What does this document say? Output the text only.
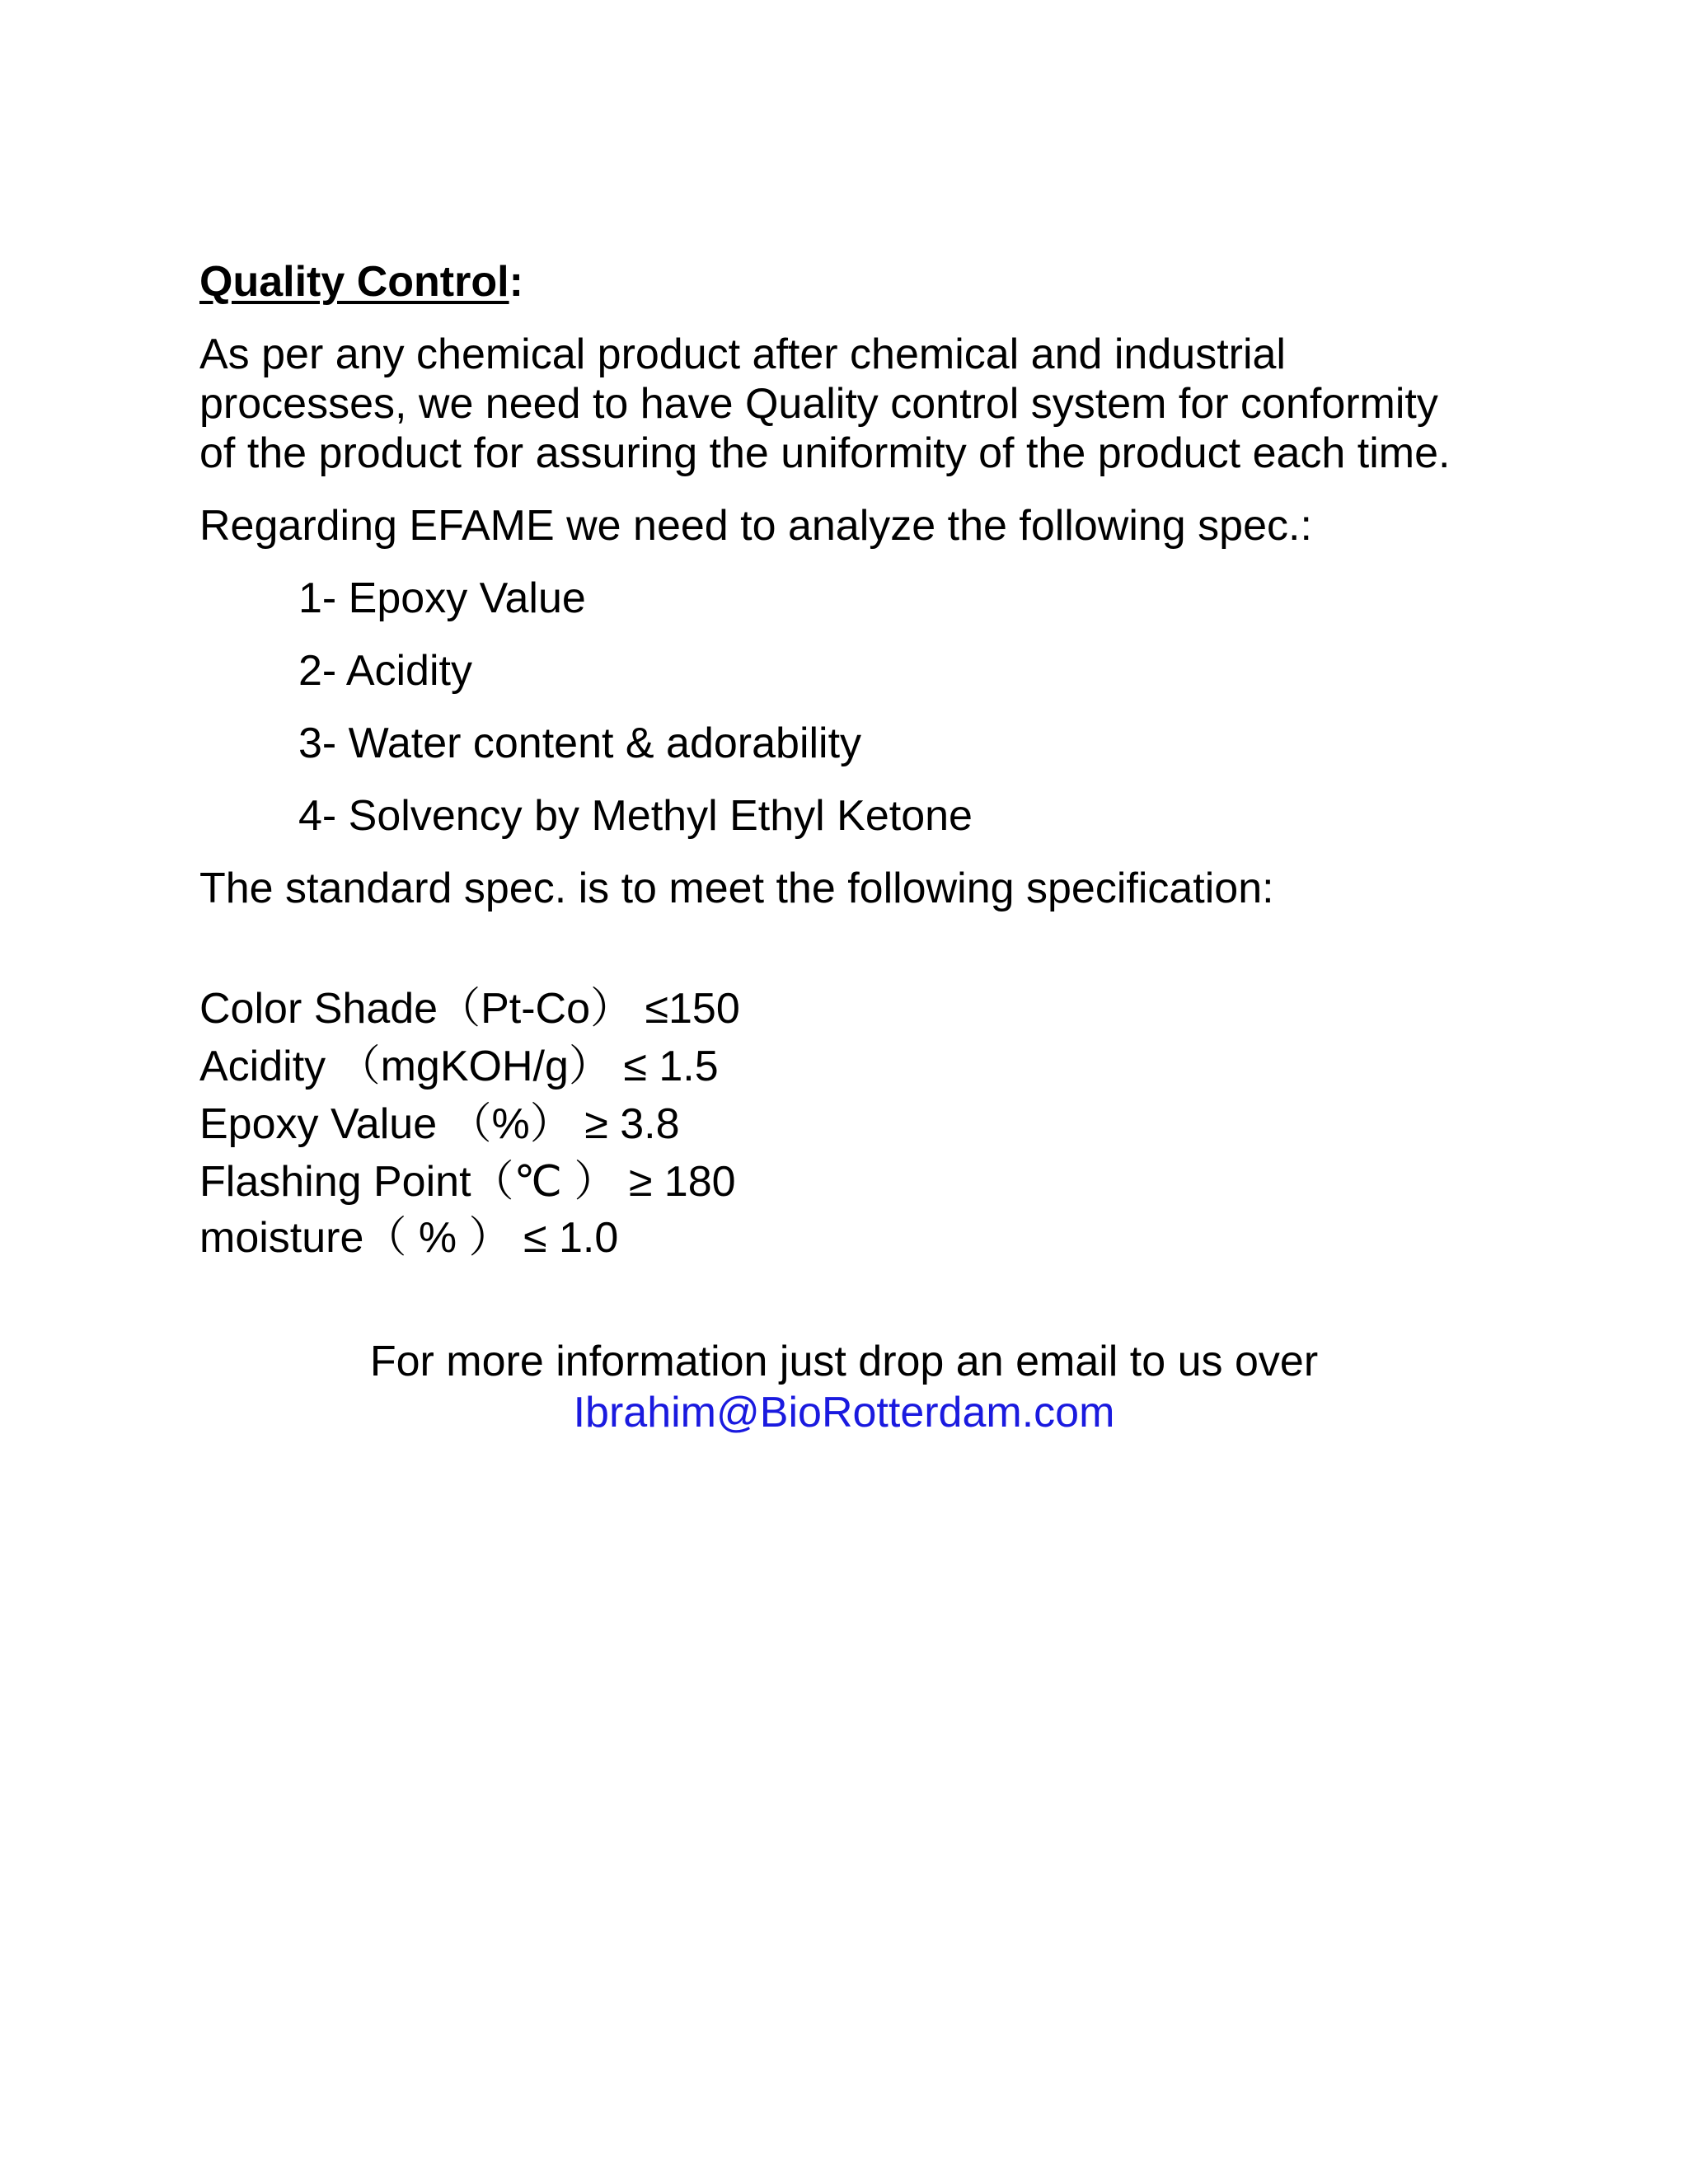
Quality Control:
As per any chemical product after chemical and industrial
processes, we need to have Quality control system for conformity
of the product for assuring the uniformity of the product each time.
Regarding EFAME we need to analyze the following spec.:
1- Epoxy Value
2- Acidity
3- Water content & adorability
4- Solvency by Methyl Ethyl Ketone
The standard spec. is to meet the following specification:
Color Shade（Pt-Co） ≤150
Acidity （mgKOH/g） ≤ 1.5
Epoxy Value （%） ≥ 3.8
Flashing Point（℃ ） ≥ 180
moisture（ % ） ≤ 1.0
For more information just drop an email to us over
Ibrahim@BioRotterdam.com
